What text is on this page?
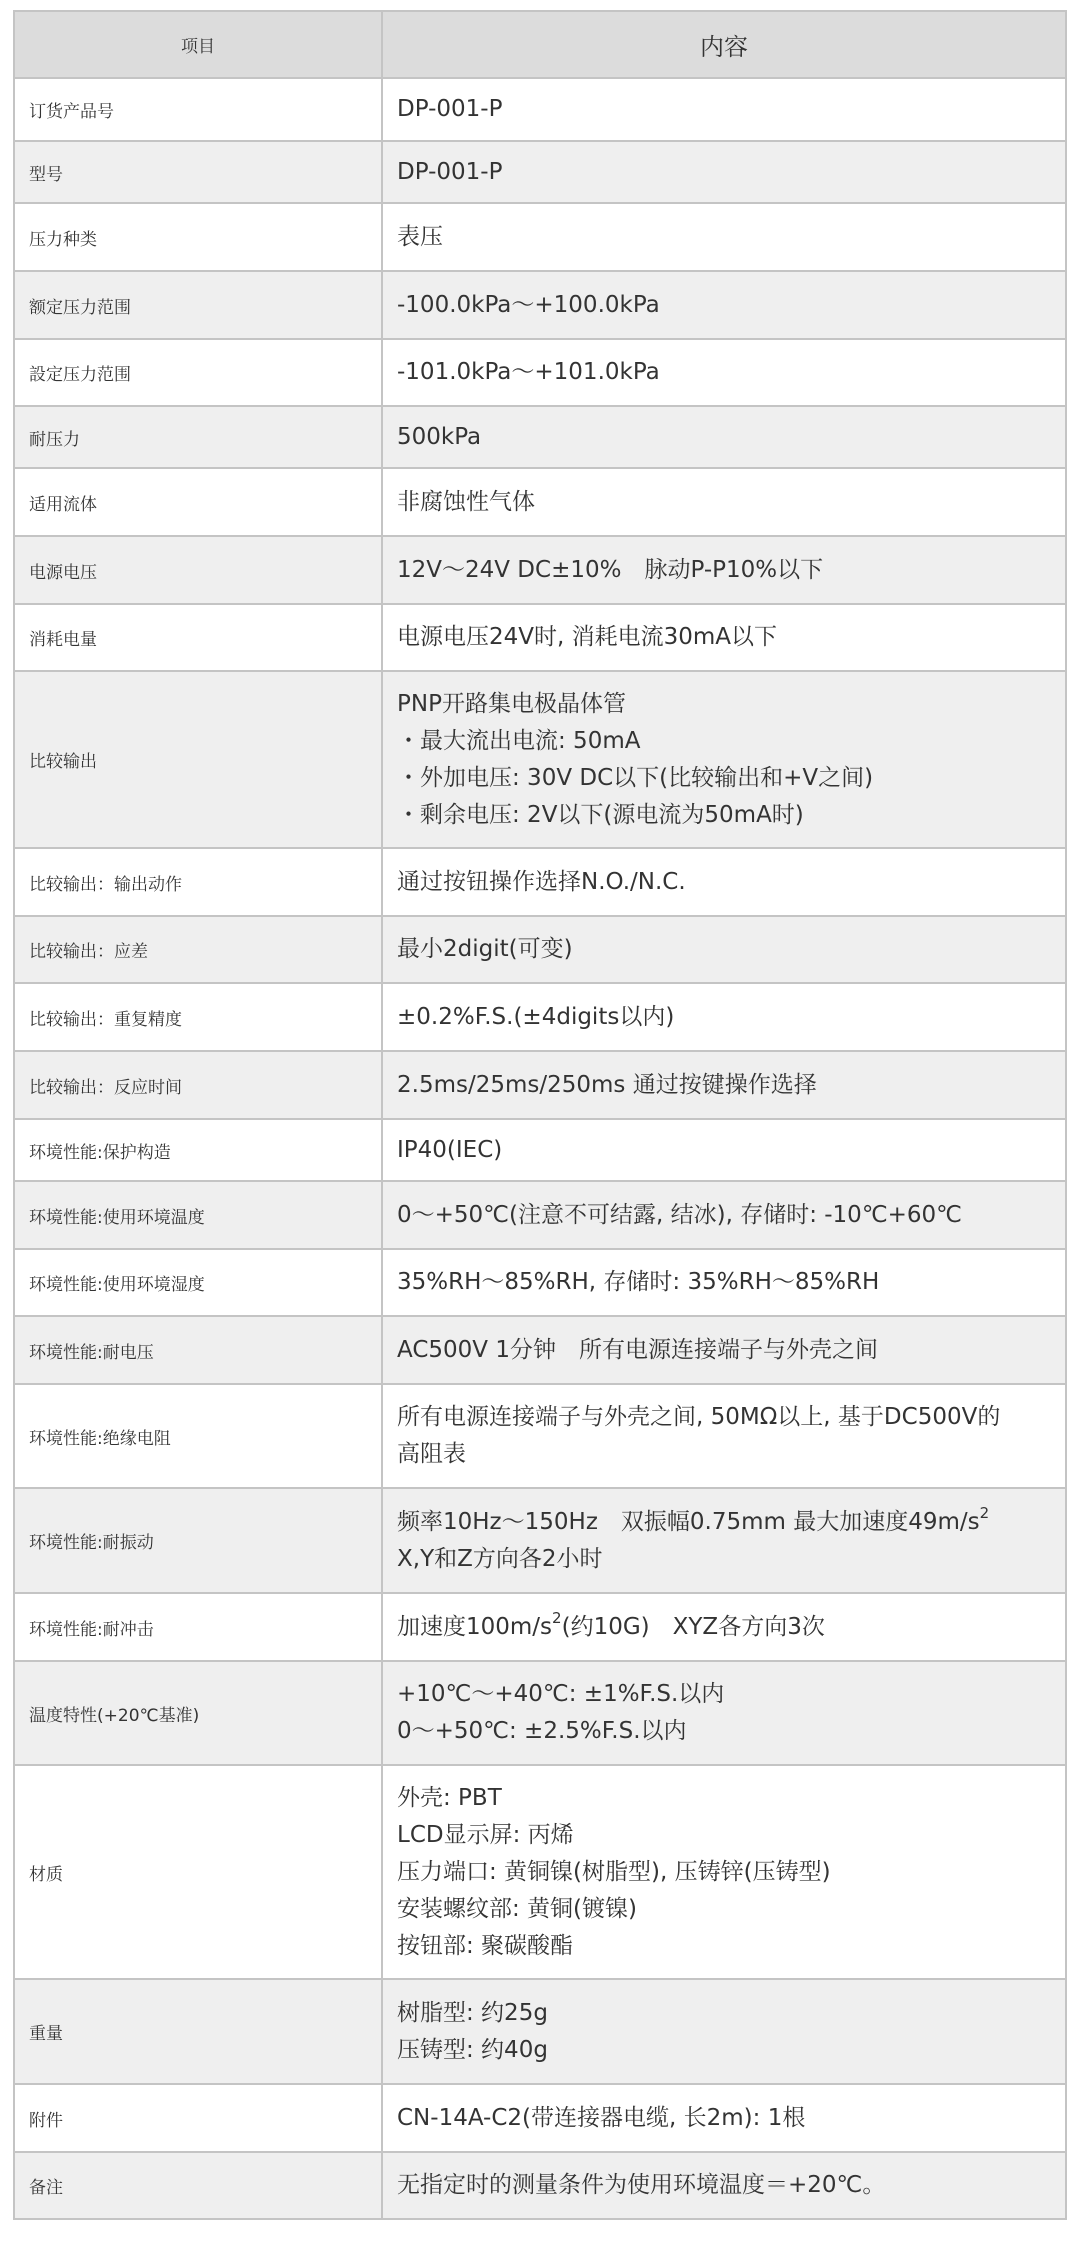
项目	内容
订货产品号	DP-001-P

型号	DP-001-P

压力种类	表压

额定压力范围	-100.0kPa～+100.0kPa

設定压力范围	-101.0kPa～+101.0kPa

耐压力	500kPa

适用流体	非腐蚀性气体

电源电压	12V～24V DC±10%　脉动P-P10%以下

消耗电量	电源电压24V时, 消耗电流30mA以下

比较输出	PNP开路集电极晶体管
・最大流出电流: 50mA
・外加电压: 30V DC以下(比较输出和+V之间)
・剩余电压: 2V以下(源电流为50mA时)

比较输出：输出动作	通过按钮操作选择N.O./N.C.

比较输出：应差	最小2digit(可变)

比较输出：重复精度	±0.2%F.S.(±4digits以内)

比较输出：反应时间	2.5ms/25ms/250ms 通过按键操作选择

环境性能:保护构造	IP40(IEC)

环境性能:使用环境温度	0～+50℃(注意不可结露, 结冰), 存储时: -10℃+60℃

环境性能:使用环境湿度	35%RH～85%RH, 存储时: 35%RH～85%RH

环境性能:耐电压	AC500V 1分钟　所有电源连接端子与外壳之间

环境性能:绝缘电阻	所有电源连接端子与外壳之间, 50MΩ以上, 基于DC500V的
高阻表

环境性能:耐振动	频率10Hz～150Hz　双振幅0.75mm 最大加速度$49m/s^2$
X,Y和Z方向各2小时

环境性能:耐冲击	加速度$100m/s^2$(约10G)　XYZ各方向3次

温度特性(+20℃基准)	+10℃～+40℃: ±1%F.S.以内
0～+50℃: ±2.5%F.S.以内

材质	外壳: PBT
LCD显示屏: 丙烯
压力端口: 黄铜镍(树脂型), 压铸锌(压铸型)
安装螺纹部: 黄铜(镀镍)
按钮部: 聚碳酸酯

重量	树脂型: 约25g
压铸型: 约40g

附件	CN-14A-C2(带连接器电缆, 长2m): 1根

备注	无指定时的测量条件为使用环境温度＝+20℃。
